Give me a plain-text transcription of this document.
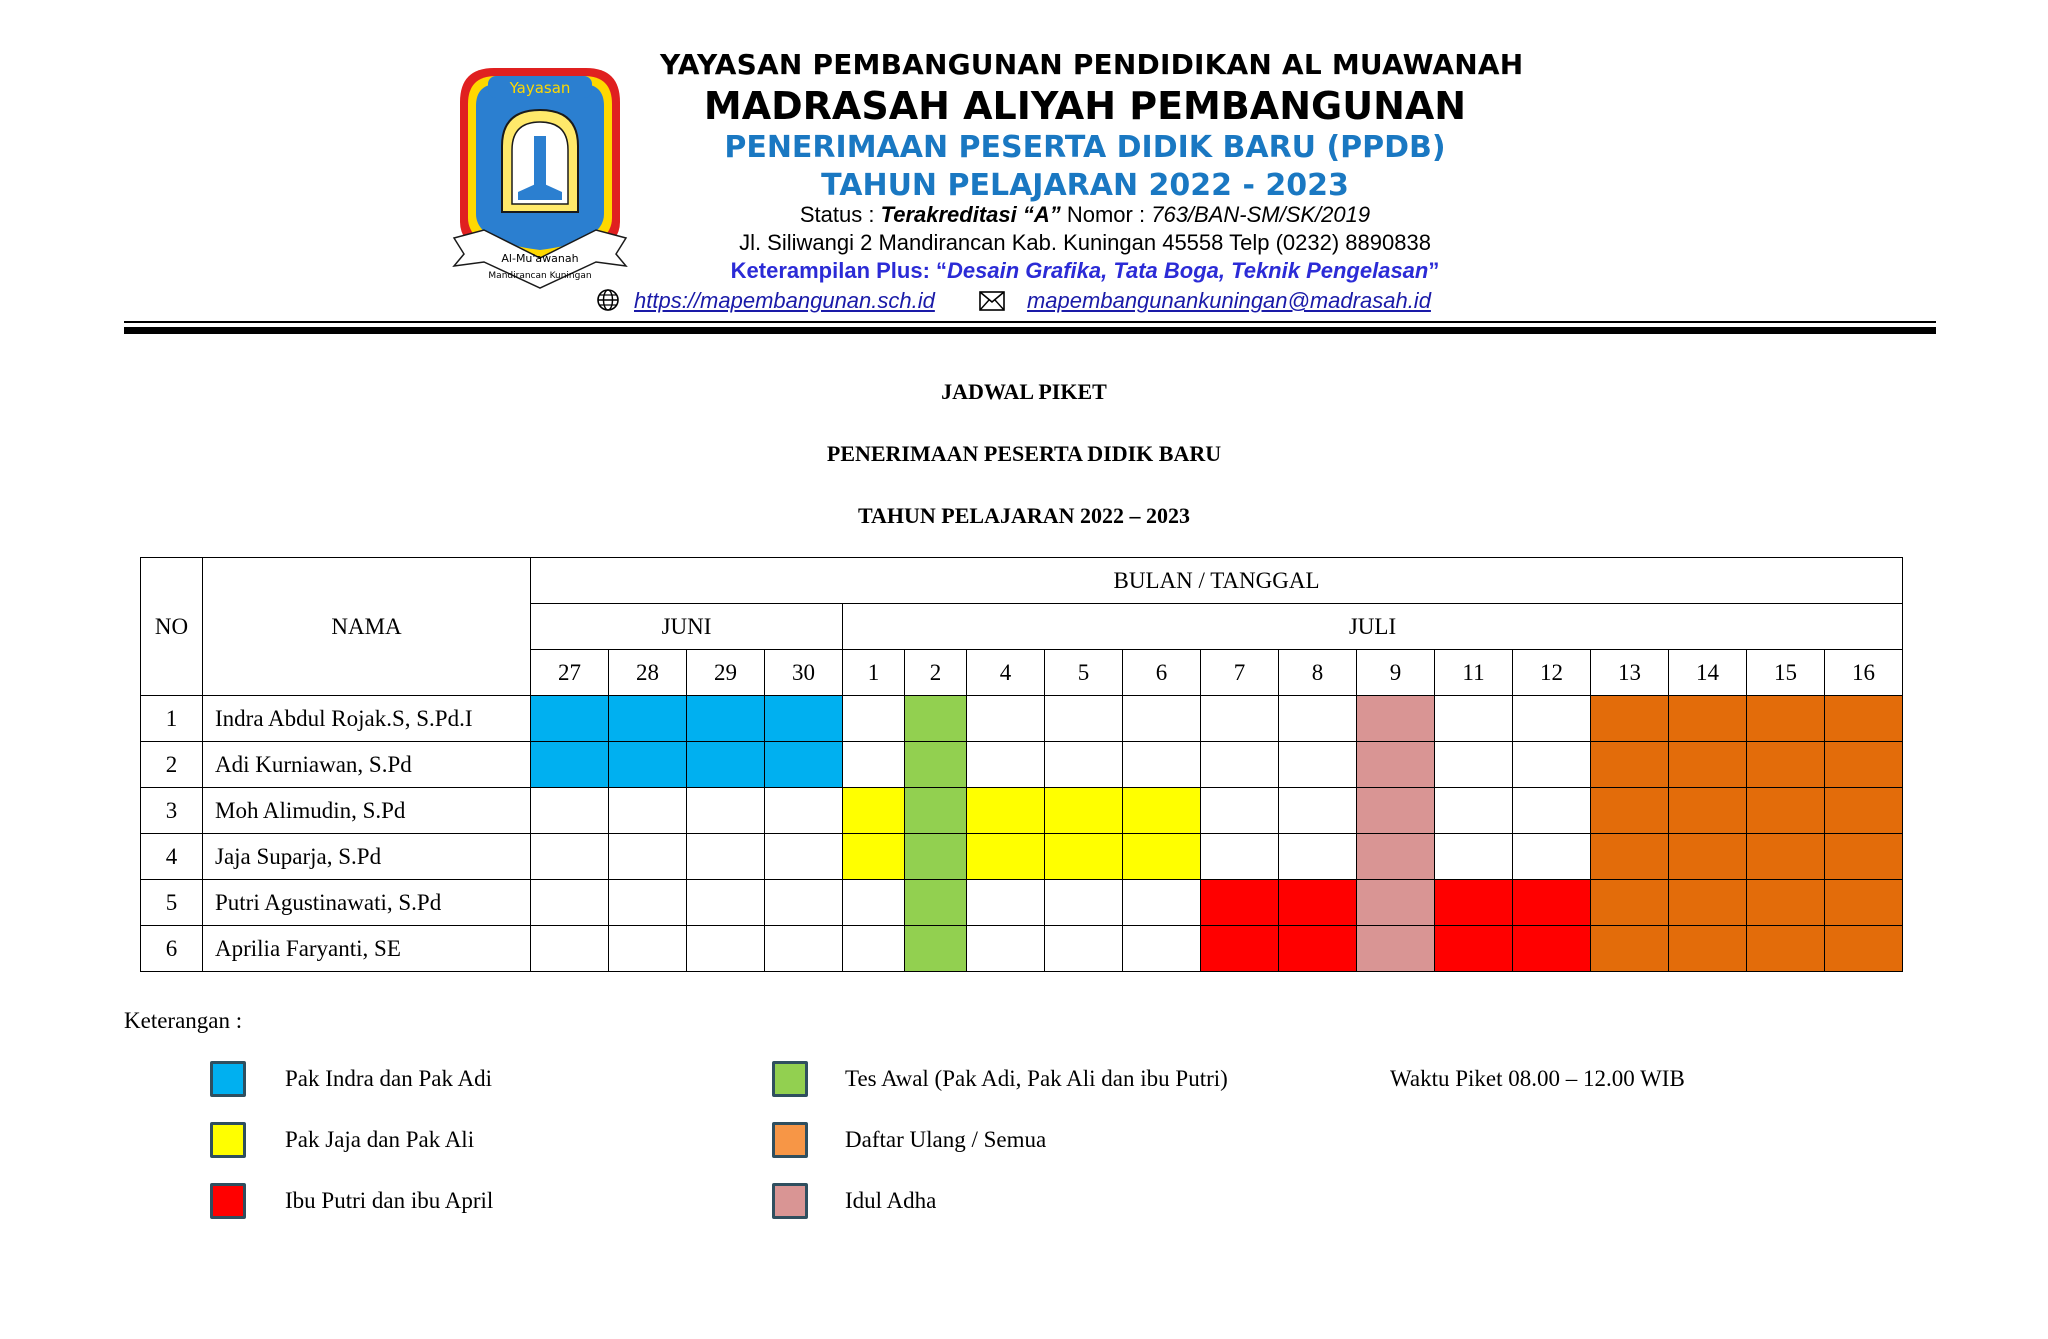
Yayasan
Al-Mu'awanah
Mandirancan Kuningan
YAYASAN PEMBANGUNAN PENDIDIKAN AL MUAWANAH
MADRASAH ALIYAH PEMBANGUNAN
PENERIMAAN PESERTA DIDIK BARU (PPDB)
TAHUN PELAJARAN 2022 - 2023
Status : Terakreditasi “A” Nomor : 763/BAN-SM/SK/2019
Jl. Siliwangi 2 Mandirancan Kab. Kuningan 45558 Telp (0232) 8890838
Keterampilan Plus: “Desain Grafika, Tata Boga, Teknik Pengelasan”
https://mapembangunan.sch.id	mapembangunankuningan@madrasah.id
JADWAL PIKET
PENERIMAAN PESERTA DIDIK BARU
TAHUN PELAJARAN 2022 – 2023
NO	NAMA	BULAN / TANGGAL																	
		JUNI				JULI													
		27	28	29	30	1	2	4	5	6	7	8	9	11	12	13	14	15	16
1	Indra Abdul Rojak.S, S.Pd.I																		
2	Adi Kurniawan, S.Pd																		
3	Moh Alimudin, S.Pd																		
4	Jaja Suparja, S.Pd																		
5	Putri Agustinawati, S.Pd																		
6	Aprilia Faryanti, SE																		
Keterangan :
Pak Indra dan Pak Adi
Pak Jaja dan Pak Ali
Ibu Putri dan ibu April
Tes Awal (Pak Adi, Pak Ali dan ibu Putri)
Daftar Ulang / Semua
Idul Adha
Waktu Piket 08.00 – 12.00 WIB
